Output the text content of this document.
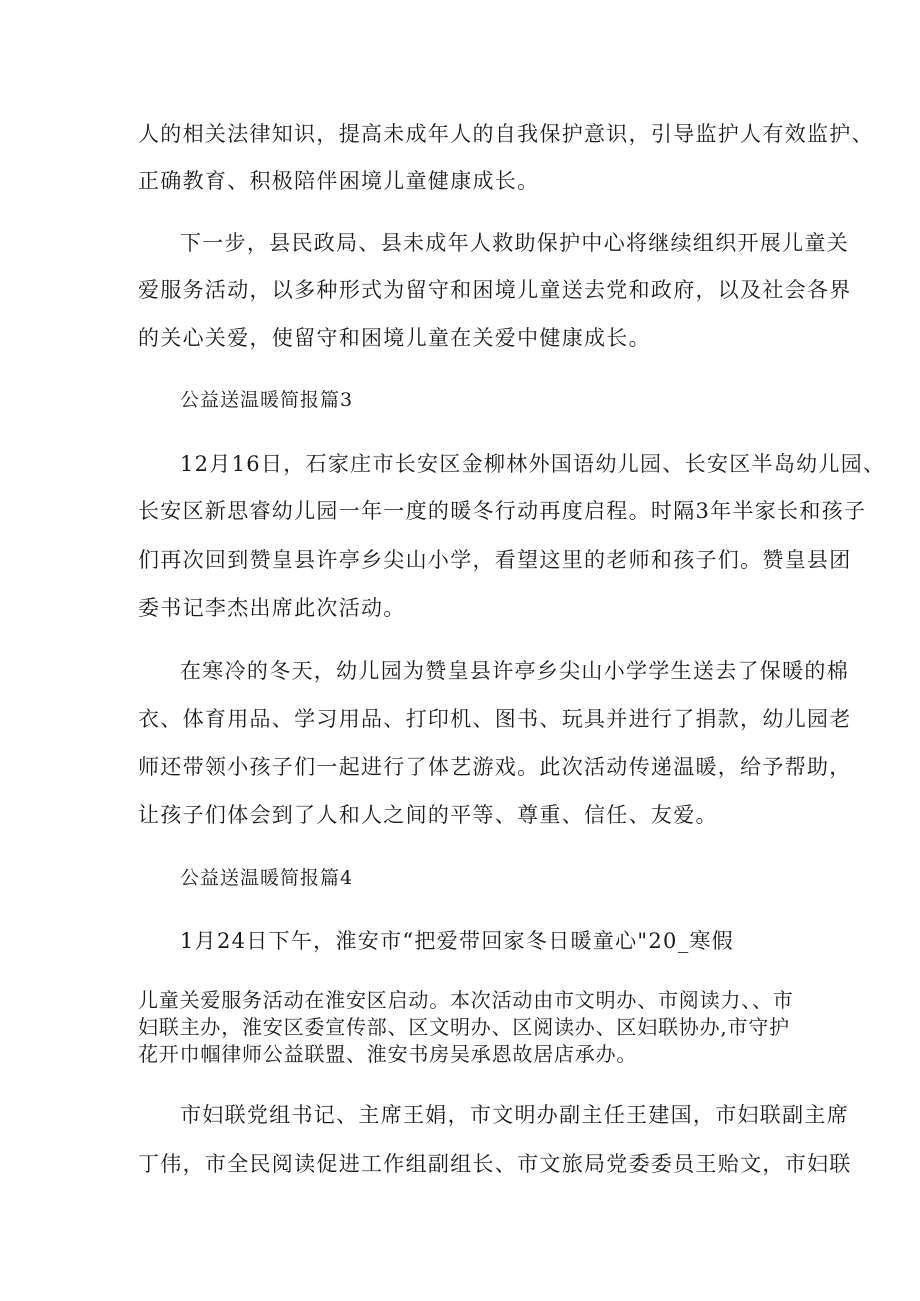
人的相关法律知识，提高未成年人的自我保护意识，引导监护人有效监护、

正确教育、积极陪伴困境儿童健康成长。

下一步，县民政局、县未成年人救助保护中心将继续组织开展儿童关

爱服务活动，以多种形式为留守和困境儿童送去党和政府，以及社会各界

的关心关爱，使留守和困境儿童在关爱中健康成长。

公益送温暖简报篇3

12月16日，石家庄市长安区金柳林外国语幼儿园、长安区半岛幼儿园、

长安区新思睿幼儿园一年一度的暖冬行动再度启程。时隔3年半家长和孩子

们再次回到赞皇县许亭乡尖山小学，看望这里的老师和孩子们。赞皇县团

委书记李杰出席此次活动。

在寒冷的冬天，幼儿园为赞皇县许亭乡尖山小学学生送去了保暖的棉

衣、体育用品、学习用品、打印机、图书、玩具并进行了捐款，幼儿园老

师还带领小孩子们一起进行了体艺游戏。此次活动传递温暖，给予帮助，

让孩子们体会到了人和人之间的平等、尊重、信任、友爱。

公益送温暖简报篇4

1月24日下午，淮安市“把爱带回家冬日暖童心"20_寒假

儿童关爱服务活动在淮安区启动。本次活动由市文明办、市阅读力、、市

妇联主办，淮安区委宣传部、区文明办、区阅读办、区妇联协办,市守护

花开巾帼律师公益联盟、淮安书房吴承恩故居店承办。

市妇联党组书记、主席王娟，市文明办副主任王建国，市妇联副主席

丁伟，市全民阅读促进工作组副组长、市文旅局党委委员王贻文，市妇联
